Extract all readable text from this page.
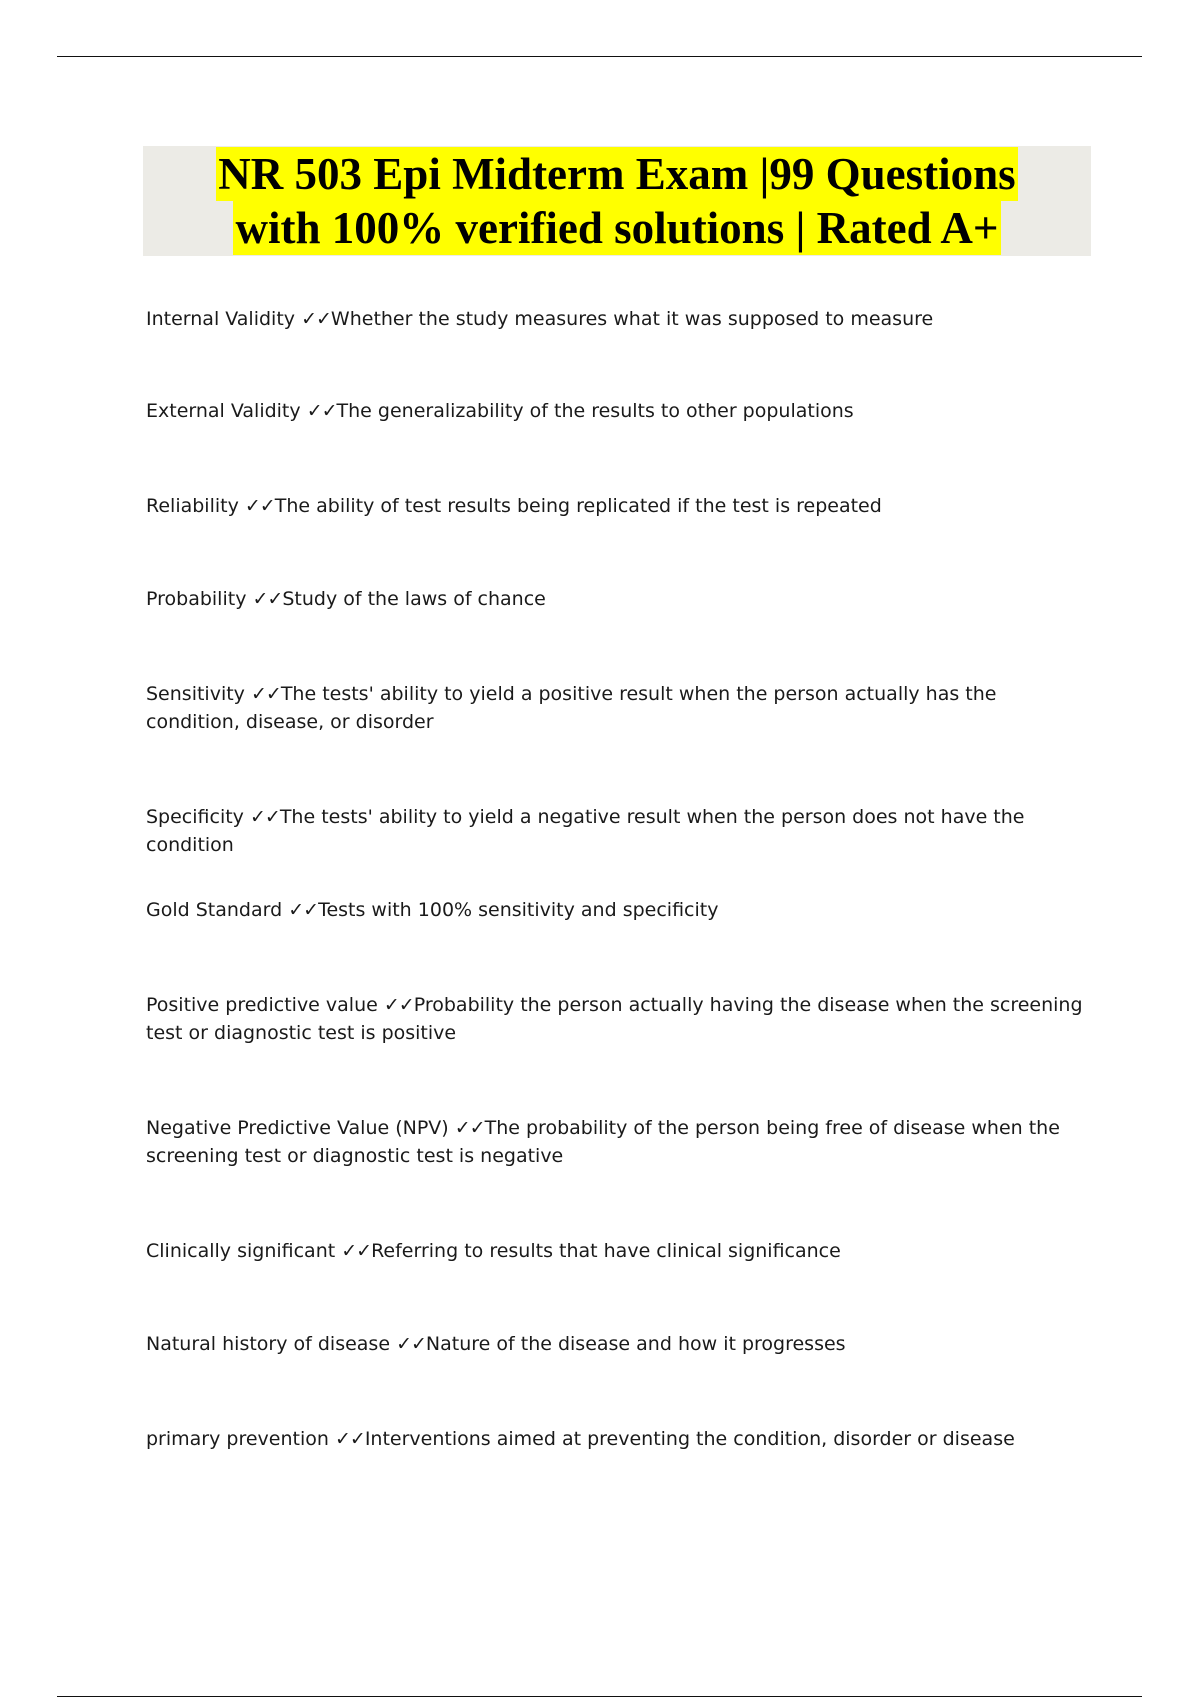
NR 503 Epi Midterm Exam |99 Questions
with 100% verified solutions | Rated A+
Internal Validity ✓✓Whether the study measures what it was supposed to measure
External Validity ✓✓The generalizability of the results to other populations
Reliability ✓✓The ability of test results being replicated if the test is repeated
Probability ✓✓Study of the laws of chance
Sensitivity ✓✓The tests' ability to yield a positive result when the person actually has the condition, disease, or disorder
Specificity ✓✓The tests' ability to yield a negative result when the person does not have the condition
Gold Standard ✓✓Tests with 100% sensitivity and specificity
Positive predictive value ✓✓Probability the person actually having the disease when the screening test or diagnostic test is positive
Negative Predictive Value (NPV) ✓✓The probability of the person being free of disease when the screening test or diagnostic test is negative
Clinically significant ✓✓Referring to results that have clinical significance
Natural history of disease ✓✓Nature of the disease and how it progresses
primary prevention ✓✓Interventions aimed at preventing the condition, disorder or disease
